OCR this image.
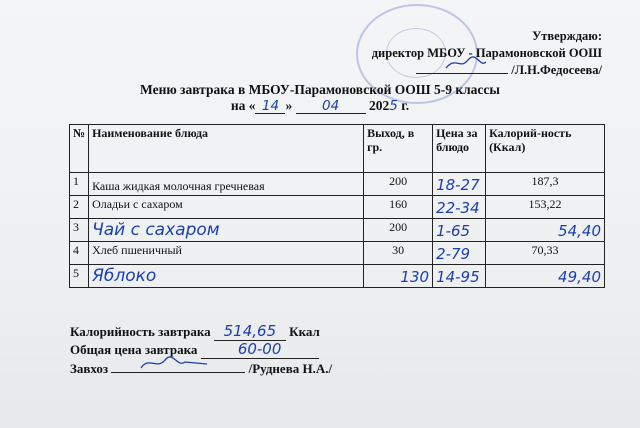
Утверждаю:
директор МБОУ - Парамоновской ООШ
/Л.Н.Федосеева/
Меню завтрака в МБОУ-Парамоновской ООШ 5-9 классы
на « 14 » 04 2025 г.
№	Наименование блюда	Выход, в гр.	Цена за блюдо	Калорий-ность (Ккал)
1	Каша жидкая молочная гречневая	200	18-27	187,3
2	Оладьи с сахаром	160	22-34	153,22
3	Чай с сахаром	200	1-65	54,40
4	Хлеб пшеничный	30	2-79	70,33
5	Яблоко	130	14-95	49,40
Калорийность завтрака 514,65 Ккал
Общая цена завтрака	60-00
Завхоз	/Руднева Н.А./
